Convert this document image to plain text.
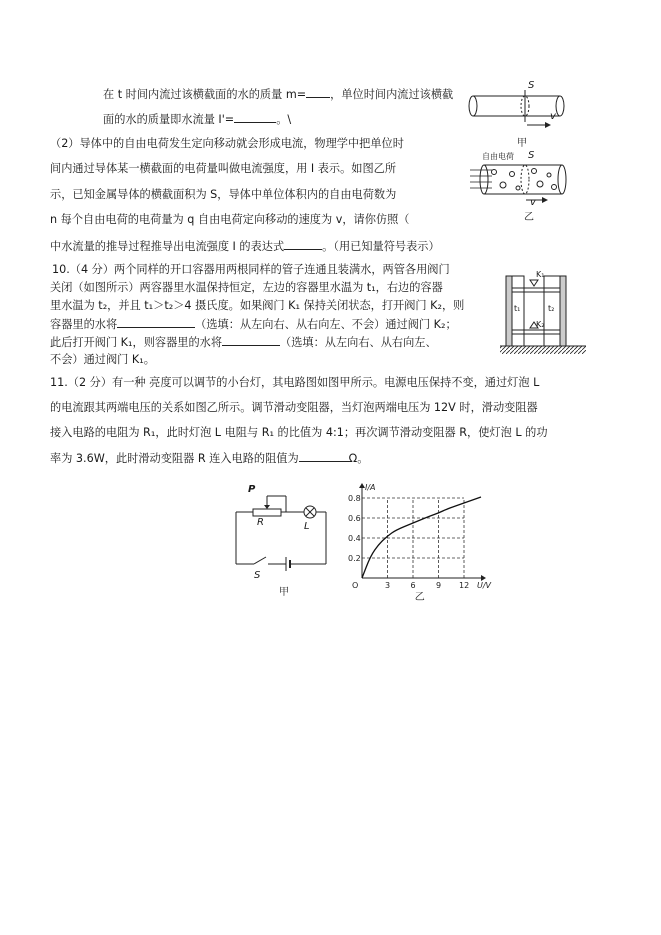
在 t 时间内流过该横截面的水的质量 m= ，单位时间内流过该横截
面的水的质量即水流量 I'=	。\
（2）导体中的自由电荷发生定向移动就会形成电流，物理学中把单位时
间内通过导体某一横截面的电荷量叫做电流强度，用 I 表示。如图乙所
示，已知金属导体的横截面积为 S，导体中单位体积内的自由电荷数为
n 每个自由电荷的电荷量为 q 自由电荷定向移动的速度为 v，请你仿照（
中水流量的推导过程推导出电流强度 I 的表达式	。（用已知量符号表示）
S
v
甲
自由电荷 S
v
乙
10.（4 分）两个同样的开口容器用两根同样的管子连通且装满水，两管各用阀门
关闭（如图所示）两容器里水温保持恒定，左边的容器里水温为 t₁，右边的容器
里水温为 t₂，并且 t₁＞t₂＞4 摄氏度。如果阀门 K₁ 保持关闭状态，打开阀门 K₂，则
容器里的水将	（选填：从左向右、从右向左、不会）通过阀门 K₂；
此后打开阀门 K₁，则容器里的水将	（选填：从左向右、从右向左、
不会）通过阀门 K₁。
K₁
K₂
t₁	t₂
11.（2 分）有一种 亮度可以调节的小台灯，其电路图如图甲所示。电源电压保持不变，通过灯泡 L
的电流跟其两端电压的关系如图乙所示。调节滑动变阻器，当灯泡两端电压为 12V 时，滑动变阻器
接入电路的电阻为 R₁，此时灯泡 L 电阻与 R₁ 的比值为 4:1；再次调节滑动变阻器 R，使灯泡 L 的功
率为 3.6W，此时滑动变阻器 R 连入电路的阻值为	Ω。
P
R	L
S
甲
3	6	9 12
0.2
0.4
0.6
0.8
O	U/V
I/A
乙
